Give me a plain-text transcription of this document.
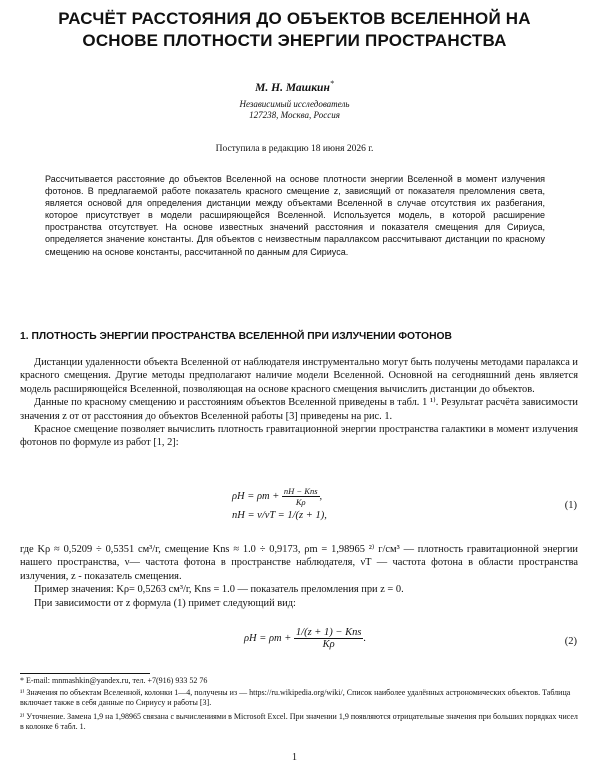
РАСЧЁТ РАССТОЯНИЯ ДО ОБЪЕКТОВ ВСЕЛЕННОЙ НА
ОСНОВЕ ПЛОТНОСТИ ЭНЕРГИИ ПРОСТРАНСТВА
М. Н. Машкин*
Независимый исследователь
127238, Москва, Россия
Поступила в редакцию 18 июня 2026 г.
Рассчитывается расстояние до объектов Вселенной на основе плотности энергии Вселенной в момент излучения фотонов. В предлагаемой работе показатель красного смещение z, зависящий от показателя преломления света, является основой для определения дистанции между объектами Вселенной в случае отсутствия их разбегания, которое присутствует в модели расширяющейся Вселенной. Используется модель, в которой расширение пространства отсутствует. На основе известных значений расстояния и показателя смещения для Сириуса, определяется значение константы. Для объектов с неизвестным параллаксом рассчитывают дистанции по красному смещению на основе константы, рассчитанной по данным для Сириуса.
1. ПЛОТНОСТЬ ЭНЕРГИИ ПРОСТРАНСТВА ВСЕЛЕННОЙ ПРИ ИЗЛУЧЕНИИ ФОТОНОВ

Дистанции удаленности объекта Вселенной от наблюдателя инструментально могут быть получены методами паралакса и красного смещения. Другие методы предполагают наличие модели Вселенной. Основной на сегодняшний день является модель расширяющейся Вселенной, позволяющая на основе красного смещения вычислить дистанции до объектов.

Данные по красному смещению и расстояниям объектов Вселенной приведены в табл. 1 ¹⁾. Результат расчёта зависимости значения z от от расстояния до объектов Вселенной работы [3] приведены на рис. 1.

Красное смещение позволяет вычислить плотность гравитационной энергии пространства галактики в момент излучения фотонов по формуле из работ [1, 2]:

$\rho H = \rho m + \frac{\text{nH − Kns}}{K\rho}$ ,
nH = ν/νT = 1/(z + 1),
(1)

где Kρ ≈ 0,5209 ÷ 0,5351 см³/г, смещение Kns ≈ 1.0 ÷ 0,9173, ρm = 1,98965 ²⁾ г/см³ — плотность гравитационной энергии нашего пространства, ν— частота фотона в пространстве наблюдателя, νT — частота фотона в области пространства излучения, z - показатель смещения.

Пример значения: Kρ= 0,5263 см³/г, Kns = 1.0 — показатель преломления при z = 0.

При зависимости от z формула (1) примет следующий вид:

$\rho H = \rho m + \frac{\text{1/(z + 1) − Kns}}{K\rho}$ .	(2)
* E-mail: mnmashkin@yandex.ru, тел. +7(916) 933 52 76
¹⁾ Значения по объектам Вселенной, колонки 1—4, получены из — https://ru.wikipedia.org/wiki/, Список наиболее удалённых астрономических объектов. Таблица включает также в себя данные по Сириусу и работы [3].
²⁾ Уточнение. Замена 1,9 на 1,98965 связана с вычислениями в Microsoft Excel. При значении 1,9 появляются отрицательные значения при больших порядках чисел в колонке 6 табл. 1.
1
